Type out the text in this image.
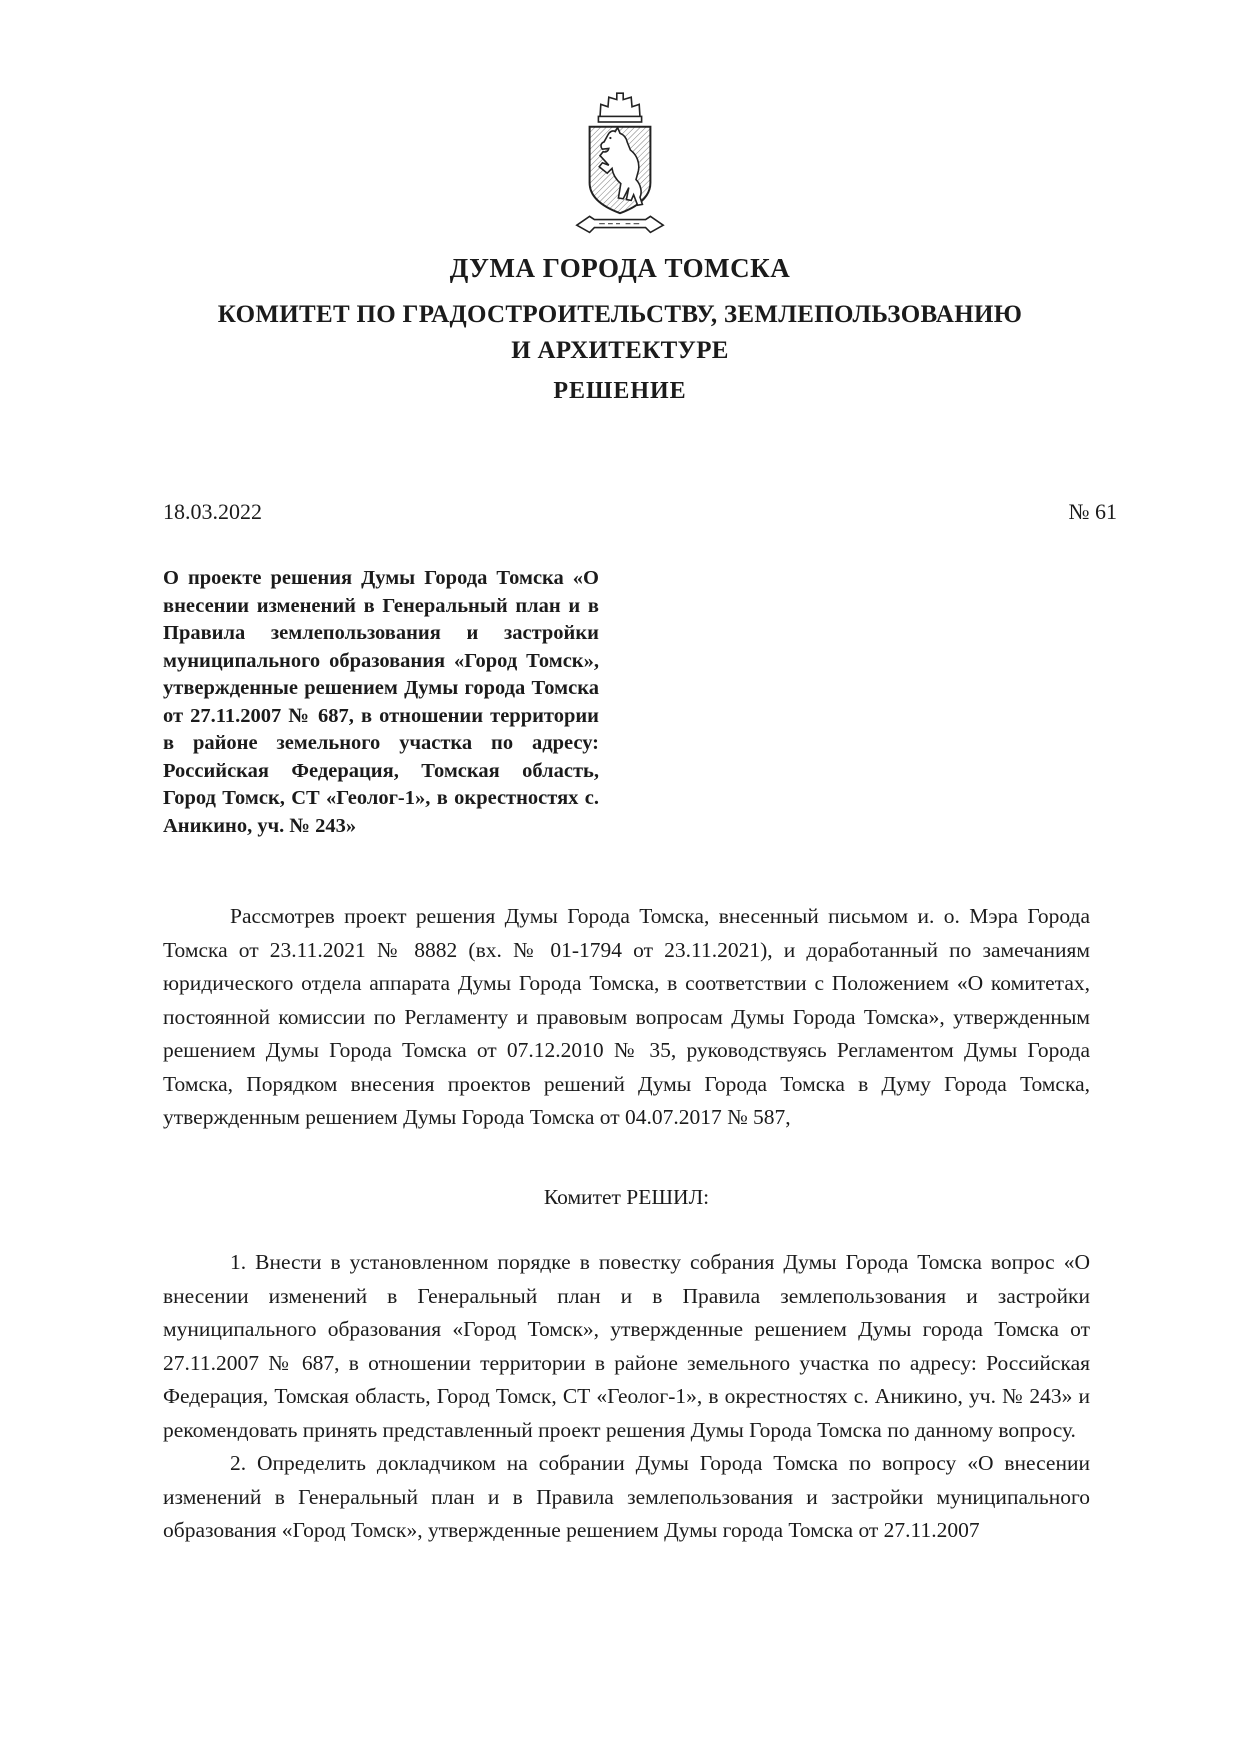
ДУМА ГОРОДА ТОМСКА
КОМИТЕТ ПО ГРАДОСТРОИТЕЛЬСТВУ, ЗЕМЛЕПОЛЬЗОВАНИЮ
И АРХИТЕКТУРЕ
РЕШЕНИЕ
18.03.2022	№ 61
О проекте решения Думы Города Томска «О внесении изменений в Генеральный план и в Правила землепользования и застройки муниципального образования «Город Томск», утвержденные решением Думы города Томска от 27.11.2007 № 687, в отношении территории в районе земельного участка по адресу: Российская Федерация, Томская область, Город Томск, СТ «Геолог-1», в окрестностях с. Аникино, уч. № 243»

Рассмотрев проект решения Думы Города Томска, внесенный письмом и. о. Мэра Города Томска от 23.11.2021 № 8882 (вх. № 01-1794 от 23.11.2021), и доработанный по замечаниям юридического отдела аппарата Думы Города Томска, в соответствии с Положением «О комитетах, постоянной комиссии по Регламенту и правовым вопросам Думы Города Томска», утвержденным решением Думы Города Томска от 07.12.2010 № 35, руководствуясь Регламентом Думы Города Томска, Порядком внесения проектов решений Думы Города Томска в Думу Города Томска, утвержденным решением Думы Города Томска от 04.07.2017 № 587,

Комитет РЕШИЛ:

1. Внести в установленном порядке в повестку собрания Думы Города Томска вопрос «О внесении изменений в Генеральный план и в Правила землепользования и застройки муниципального образования «Город Томск», утвержденные решением Думы города Томска от 27.11.2007 № 687, в отношении территории в районе земельного участка по адресу: Российская Федерация, Томская область, Город Томск, СТ «Геолог-1», в окрестностях с. Аникино, уч. № 243» и рекомендовать принять представленный проект решения Думы Города Томска по данному вопросу.

2. Определить докладчиком на собрании Думы Города Томска по вопросу «О внесении изменений в Генеральный план и в Правила землепользования и застройки муниципального образования «Город Томск», утвержденные решением Думы города Томска от 27.11.2007
